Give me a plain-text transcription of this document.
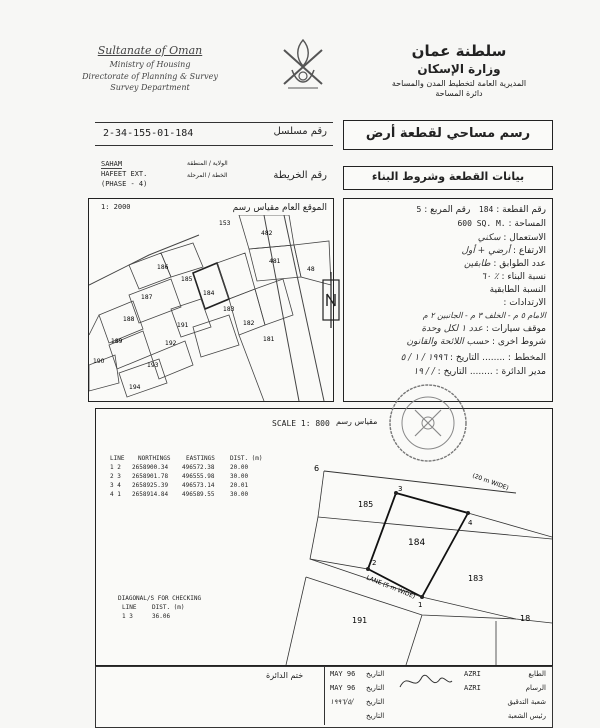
Sultanate of Oman
Ministry of Housing
Directorate of Planning & Survey
Survey Department
سلطنة عمان
وزارة الإسكان
المديرية العامة لتخطيط المدن والمساحة
دائرة المساحة
2-34-155-01-184	رقم مسلسل	رسم مساحي لقطعة أرض
SAHAM	الولاية / المنطقة
HAFEET EXT.	الخطة / المرحلة
(PHASE - 4)
رقم الخريطة	بيانات القطعة وشروط البناء
1: 2000	الموقع العام مقياس رسم
186
185
184
183
182
181
187
188
189
190
191
192
193
194
482
481
48
153
رقم القطعة : 184   رقم المربع : 5
المساحة : 600 SQ. M.
الاستعمال : سكني
الارتفاع : أرضي + أول
عدد الطوابق : طابقين
نسبة البناء : ٪ ٦٠
النسبة الطابقية
الارتدادات :
الامام ٥ م - الخلف ٣ م - الجانبين ٢ م
موقف سيارات : عدد ١ لكل وحدة
شروط اخرى : حسب اللائحة والقانون
المخطط : ........ التاريخ : ١٩٩٦ / ١ / ٥
مدير الدائرة : ........ التاريخ : / / ١٩
SCALE 1: 800 مقياس رسم
LINE NORTHINGS	EASTINGS	DIST. (m)
1 2 2658900.34 496572.38	20.00
2 3 2658901.78 496555.98	30.00
3 4 2658925.39 496573.14	20.01
4 1 2658914.84 496589.55	30.00
DIAGONAL/S FOR CHECKING
LINE	DIST. (m)
1 3	36.06
1
2
3
4
6
185
184
183
191	18
(20 m WIDE)
LANE (5 m WIDE)
ختم الدائرة	MAY 96 التاريخ	AZRI	الطابع
MAY 96 التاريخ	AZRI	الرسام
١٩٩٦/٥/ التاريخ	شعبة التدقيق
التاريخ	رئيس الشعبة
